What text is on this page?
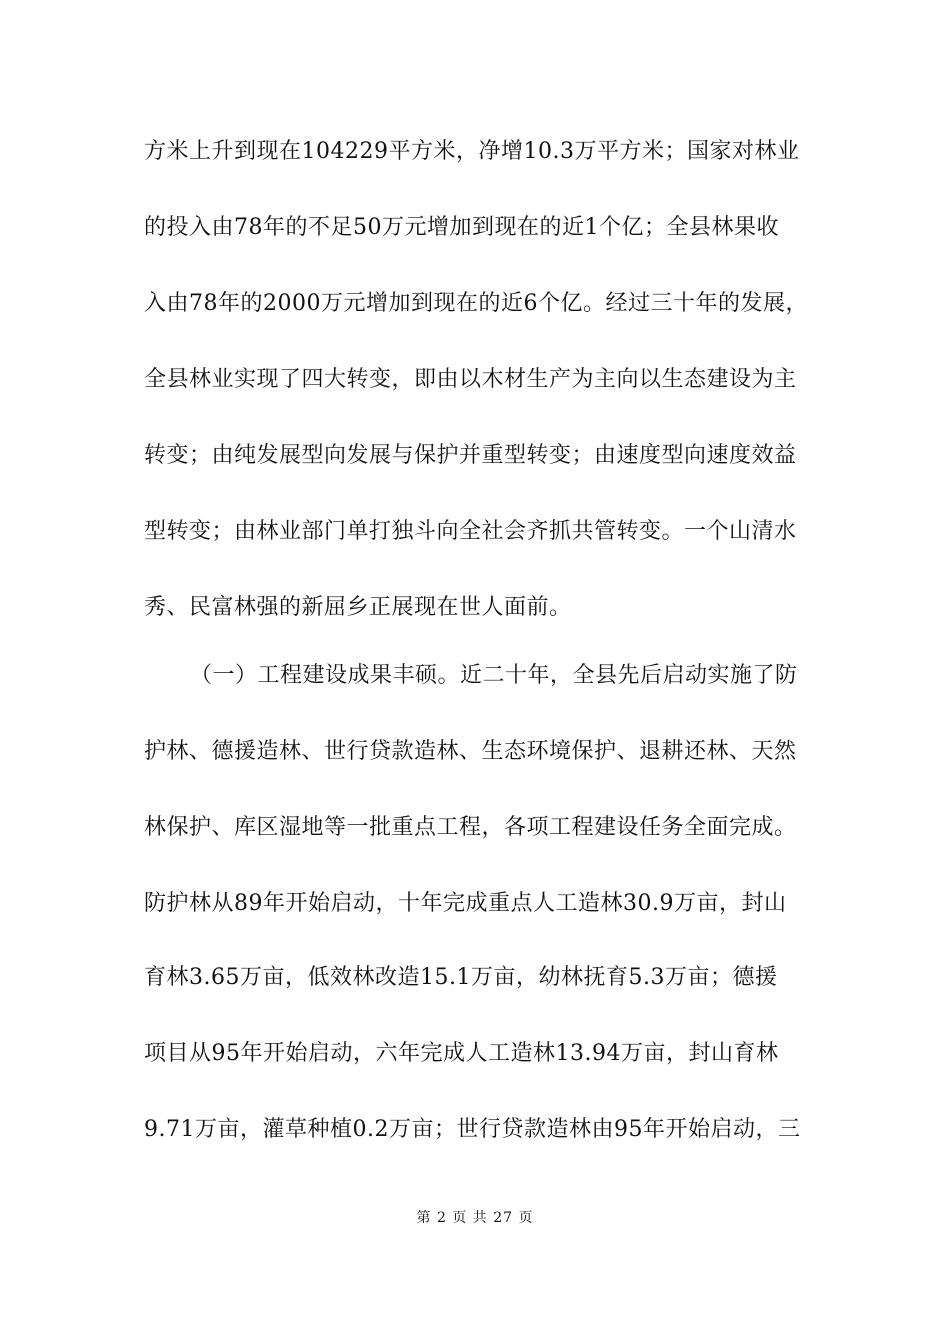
方米上升到现在104229平方米，净增10.3万平方米；国家对林业
的投入由78年的不足50万元增加到现在的近1个亿；全县林果收
入由78年的2000万元增加到现在的近6个亿。经过三十年的发展，
全县林业实现了四大转变，即由以木材生产为主向以生态建设为主
转变；由纯发展型向发展与保护并重型转变；由速度型向速度效益
型转变；由林业部门单打独斗向全社会齐抓共管转变。一个山清水
秀、民富林强的新屈乡正展现在世人面前。
（一）工程建设成果丰硕。近二十年，全县先后启动实施了防
护林、德援造林、世行贷款造林、生态环境保护、退耕还林、天然
林保护、库区湿地等一批重点工程，各项工程建设任务全面完成。
防护林从89年开始启动，十年完成重点人工造林30.9万亩，封山
育林3.65万亩，低效林改造15.1万亩，幼林抚育5.3万亩；德援
项目从95年开始启动，六年完成人工造林13.94万亩，封山育林
9.71万亩，灌草种植0.2万亩；世行贷款造林由95年开始启动，三
第 2 页 共 27 页
